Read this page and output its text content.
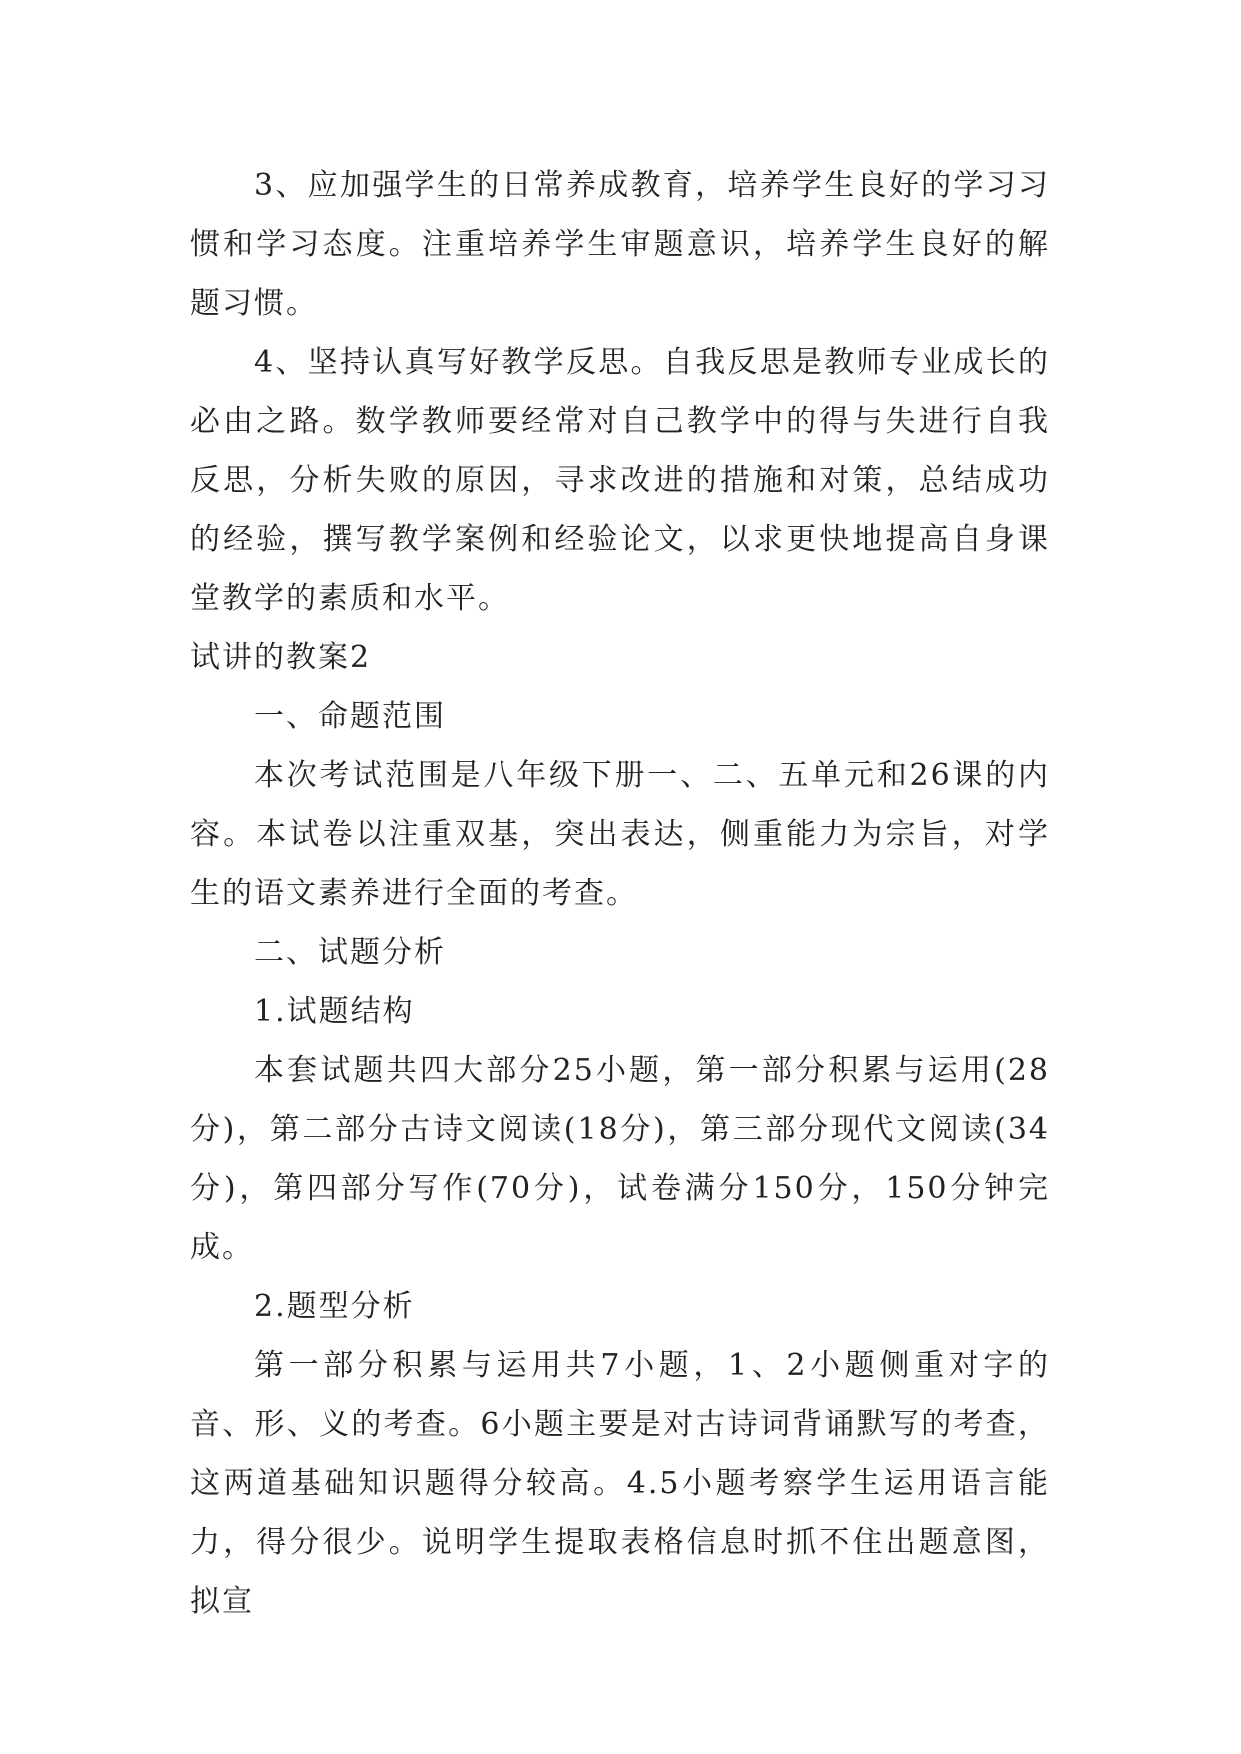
3、应加强学生的日常养成教育，培养学生良好的学习习惯和学习态度。注重培养学生审题意识，培养学生良好的解题习惯。

4、坚持认真写好教学反思。自我反思是教师专业成长的必由之路。数学教师要经常对自己教学中的得与失进行自我反思，分析失败的原因，寻求改进的措施和对策，总结成功的经验，撰写教学案例和经验论文，以求更快地提高自身课堂教学的素质和水平。

试讲的教案2

一、命题范围

本次考试范围是八年级下册一、二、五单元和26课的内容。本试卷以注重双基，突出表达，侧重能力为宗旨，对学生的语文素养进行全面的考查。

二、试题分析

1.试题结构

本套试题共四大部分25小题，第一部分积累与运用(28分)，第二部分古诗文阅读(18分)，第三部分现代文阅读(34分)，第四部分写作(70分)，试卷满分150分，150分钟完成。

2.题型分析

第一部分积累与运用共7小题，1、2小题侧重对字的音、形、义的考查。6小题主要是对古诗词背诵默写的考查，这两道基础知识题得分较高。4.5小题考察学生运用语言能力，得分很少。说明学生提取表格信息时抓不住出题意图，拟宣
